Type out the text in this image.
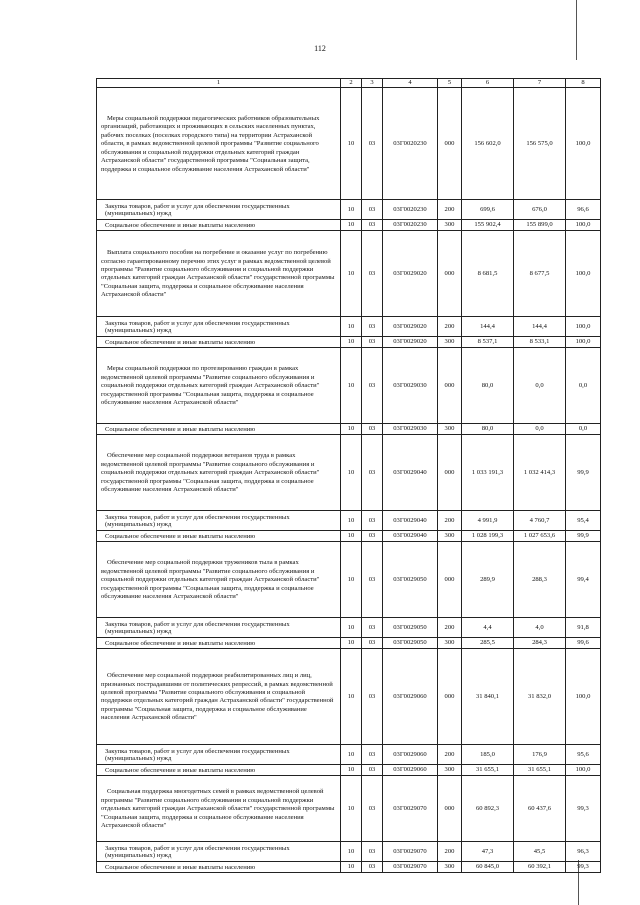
112
1	2	3	4	5	6	7	8
Меры социальной поддержки педагогических работников образовательных организаций, работающих и проживающих в сельских населенных пунктах, рабочих поселках (поселках городского типа) на территории Астраханской области, в рамках ведомственной целевой программы "Развитие социального обслуживания и социальной поддержки отдельных категорий граждан Астраханской области" государственной программы "Социальная защита, поддержка и социальное обслуживание населения Астраханской области"	10	03	03Г0020230	000	156 602,0	156 575,0	100,0
Закупка товаров, работ и услуг для обеспечения государственных (муниципальных) нужд	10	03	03Г0020230	200	699,6	676,0	96,6
Социальное обеспечение и иные выплаты населению	10	03	03Г0020230	300	155 902,4	155 899,0	100,0
Выплата социального пособия на погребение и оказание услуг по погребению согласно гарантированному перечню этих услуг в рамках ведомственной целевой программы "Развитие социального обслуживания и социальной поддержки отдельных категорий граждан Астраханской области" государственной программы "Социальная защита, поддержка и социальное обслуживание населения Астраханской области"	10	03	03Г0029020	000	8 681,5	8 677,5	100,0
Закупка товаров, работ и услуг для обеспечения государственных (муниципальных) нужд	10	03	03Г0029020	200	144,4	144,4	100,0
Социальное обеспечение и иные выплаты населению	10	03	03Г0029020	300	8 537,1	8 533,1	100,0
Меры социальной поддержки по протезированию граждан в рамках ведомственной целевой программы "Развитие социального обслуживания и социальной поддержки отдельных категорий граждан Астраханской области" государственной программы "Социальная защита, поддержка и социальное обслуживание населения Астраханской области"	10	03	03Г0029030	000	80,0	0,0	0,0
Социальное обеспечение и иные выплаты населению	10	03	03Г0029030	300	80,0	0,0	0,0
Обеспечение мер социальной поддержки ветеранов труда в рамках ведомственной целевой программы "Развитие социального обслуживания и социальной поддержки отдельных категорий граждан Астраханской области" государственной программы "Социальная защита, поддержка и социальное обслуживание населения Астраханской области"	10	03	03Г0029040	000	1 033 191,3	1 032 414,3	99,9
Закупка товаров, работ и услуг для обеспечения государственных (муниципальных) нужд	10	03	03Г0029040	200	4 991,9	4 760,7	95,4
Социальное обеспечение и иные выплаты населению	10	03	03Г0029040	300	1 028 199,3	1 027 653,6	99,9
Обеспечение мер социальной поддержки тружеников тыла в рамках ведомственной целевой программы "Развитие социального обслуживания и социальной поддержки отдельных категорий граждан Астраханской области" государственной программы "Социальная защита, поддержка и социальное обслуживание населения Астраханской области"	10	03	03Г0029050	000	289,9	288,3	99,4
Закупка товаров, работ и услуг для обеспечения государственных (муниципальных) нужд	10	03	03Г0029050	200	4,4	4,0	91,8
Социальное обеспечение и иные выплаты населению	10	03	03Г0029050	300	285,5	284,3	99,6
Обеспечение мер социальной поддержки реабилитированных лиц и лиц, признанных пострадавшими от политических репрессий, в рамках ведомственной целевой программы "Развитие социального обслуживания и социальной поддержки отдельных категорий граждан Астраханской области" государственной программы "Социальная защита, поддержка и социальное обслуживание населения Астраханской области"	10	03	03Г0029060	000	31 840,1	31 832,0	100,0
Закупка товаров, работ и услуг для обеспечения государственных (муниципальных) нужд	10	03	03Г0029060	200	185,0	176,9	95,6
Социальное обеспечение и иные выплаты населению	10	03	03Г0029060	300	31 655,1	31 655,1	100,0
Социальная поддержка многодетных семей в рамках ведомственной целевой программы "Развитие социального обслуживания и социальной поддержки отдельных категорий граждан Астраханской области" государственной программы "Социальная защита, поддержка и социальное обслуживание населения Астраханской области"	10	03	03Г0029070	000	60 892,3	60 437,6	99,3
Закупка товаров, работ и услуг для обеспечения государственных (муниципальных) нужд	10	03	03Г0029070	200	47,3	45,5	96,3
Социальное обеспечение и иные выплаты населению	10	03	03Г0029070	300	60 845,0	60 392,1	99,3
